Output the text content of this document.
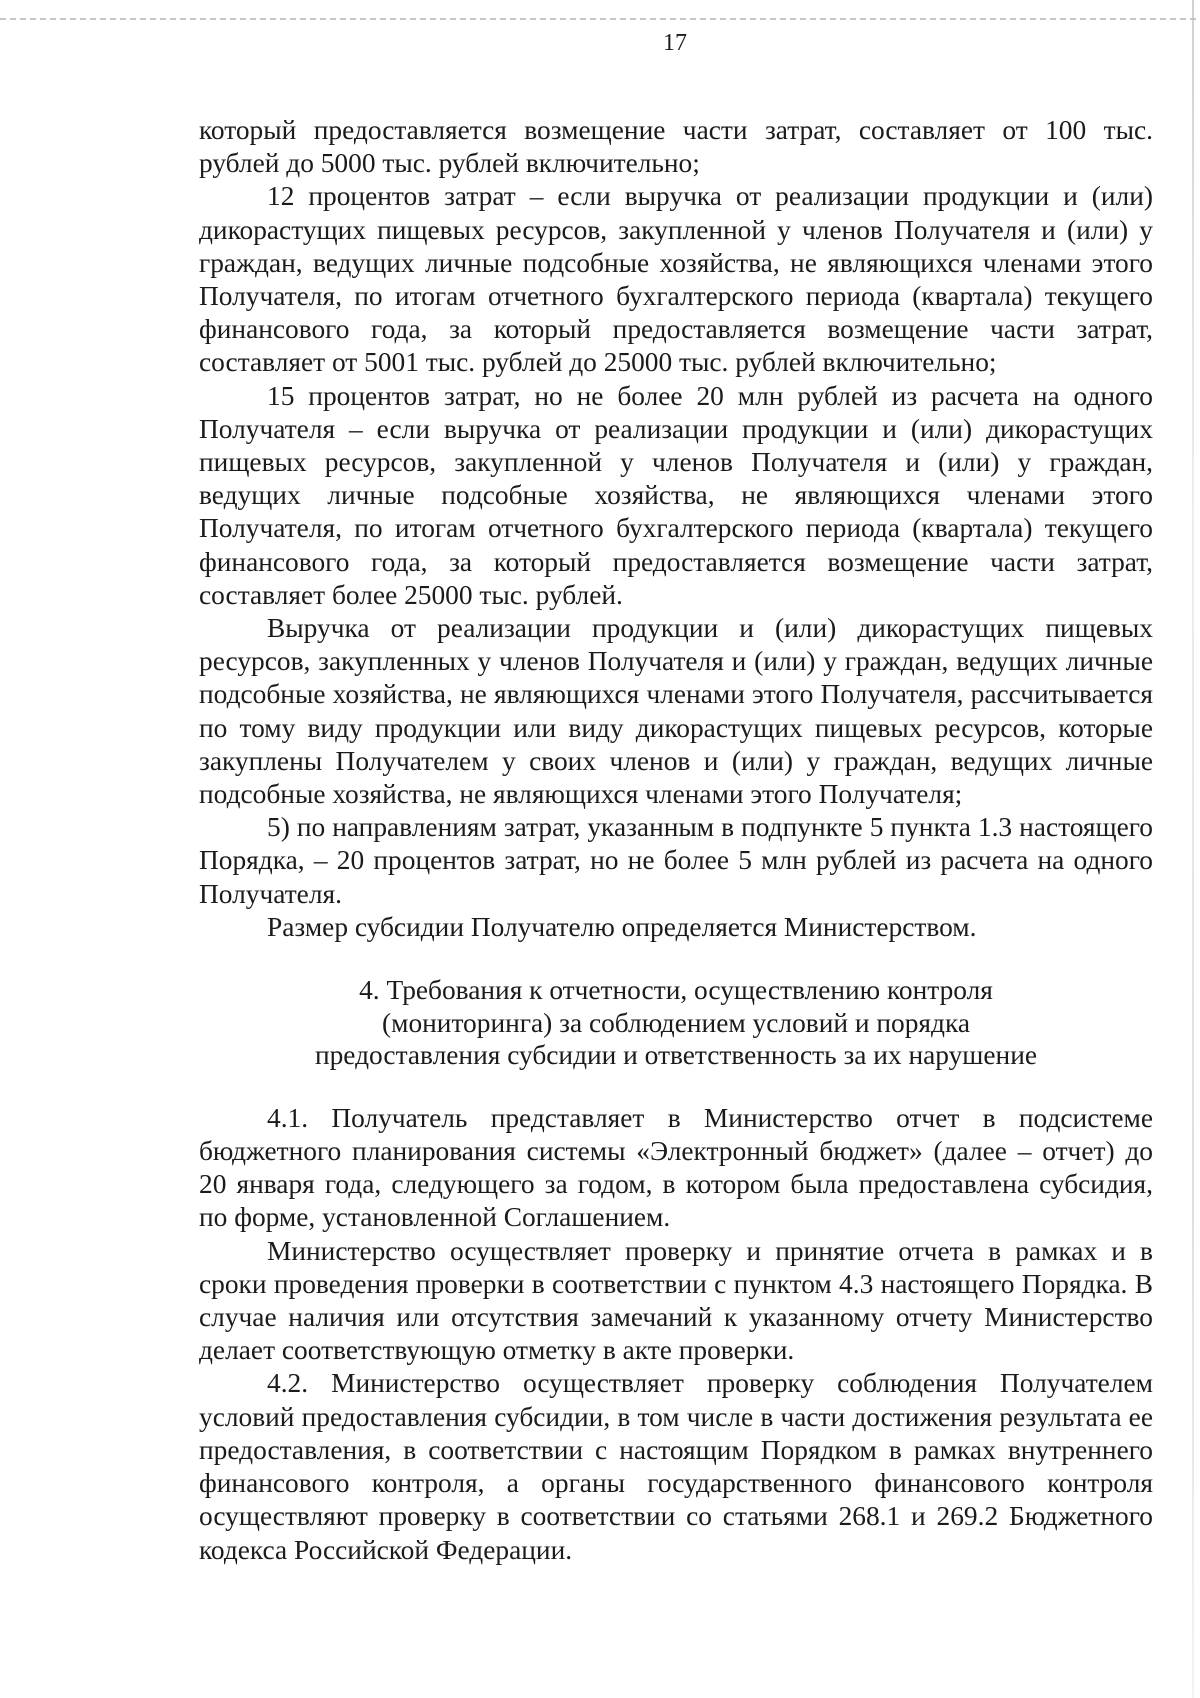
17

который предоставляется возмещение части затрат, составляет от 100 тыс. рублей до 5000 тыс. рублей включительно;

12 процентов затрат – если выручка от реализации продукции и (или) дикорастущих пищевых ресурсов, закупленной у членов Получателя и (или) у граждан, ведущих личные подсобные хозяйства, не являющихся членами этого Получателя, по итогам отчетного бухгалтерского периода (квартала) текущего финансового года, за который предоставляется возмещение части затрат, составляет от 5001 тыс. рублей до 25000 тыс. рублей включительно;

15 процентов затрат, но не более 20 млн рублей из расчета на одного Получателя – если выручка от реализации продукции и (или) дикорастущих пищевых ресурсов, закупленной у членов Получателя и (или) у граждан, ведущих личные подсобные хозяйства, не являющихся членами этого Получателя, по итогам отчетного бухгалтерского периода (квартала) текущего финансового года, за который предоставляется возмещение части затрат, составляет более 25000 тыс. рублей.

Выручка от реализации продукции и (или) дикорастущих пищевых ресурсов, закупленных у членов Получателя и (или) у граждан, ведущих личные подсобные хозяйства, не являющихся членами этого Получателя, рассчитывается по тому виду продукции или виду дикорастущих пищевых ресурсов, которые закуплены Получателем у своих членов и (или) у граждан, ведущих личные подсобные хозяйства, не являющихся членами этого Получателя;

5) по направлениям затрат, указанным в подпункте 5 пункта 1.3 настоящего Порядка, – 20 процентов затрат, но не более 5 млн рублей из расчета на одного Получателя.

Размер субсидии Получателю определяется Министерством.

4. Требования к отчетности, осуществлению контроля
(мониторинга) за соблюдением условий и порядка
предоставления субсидии и ответственность за их нарушение

4.1. Получатель представляет в Министерство отчет в подсистеме бюджетного планирования системы «Электронный бюджет» (далее – отчет) до 20 января года, следующего за годом, в котором была предоставлена субсидия, по форме, установленной Соглашением.

Министерство осуществляет проверку и принятие отчета в рамках и в сроки проведения проверки в соответствии с пунктом 4.3 настоящего Порядка. В случае наличия или отсутствия замечаний к указанному отчету Министерство делает соответствующую отметку в акте проверки.

4.2. Министерство осуществляет проверку соблюдения Получателем условий предоставления субсидии, в том числе в части достижения результата ее предоставления, в соответствии с настоящим Порядком в рамках внутреннего финансового контроля, а органы государственного финансового контроля осуществляют проверку в соответствии со статьями 268.1 и 269.2 Бюджетного кодекса Российской Федерации.
